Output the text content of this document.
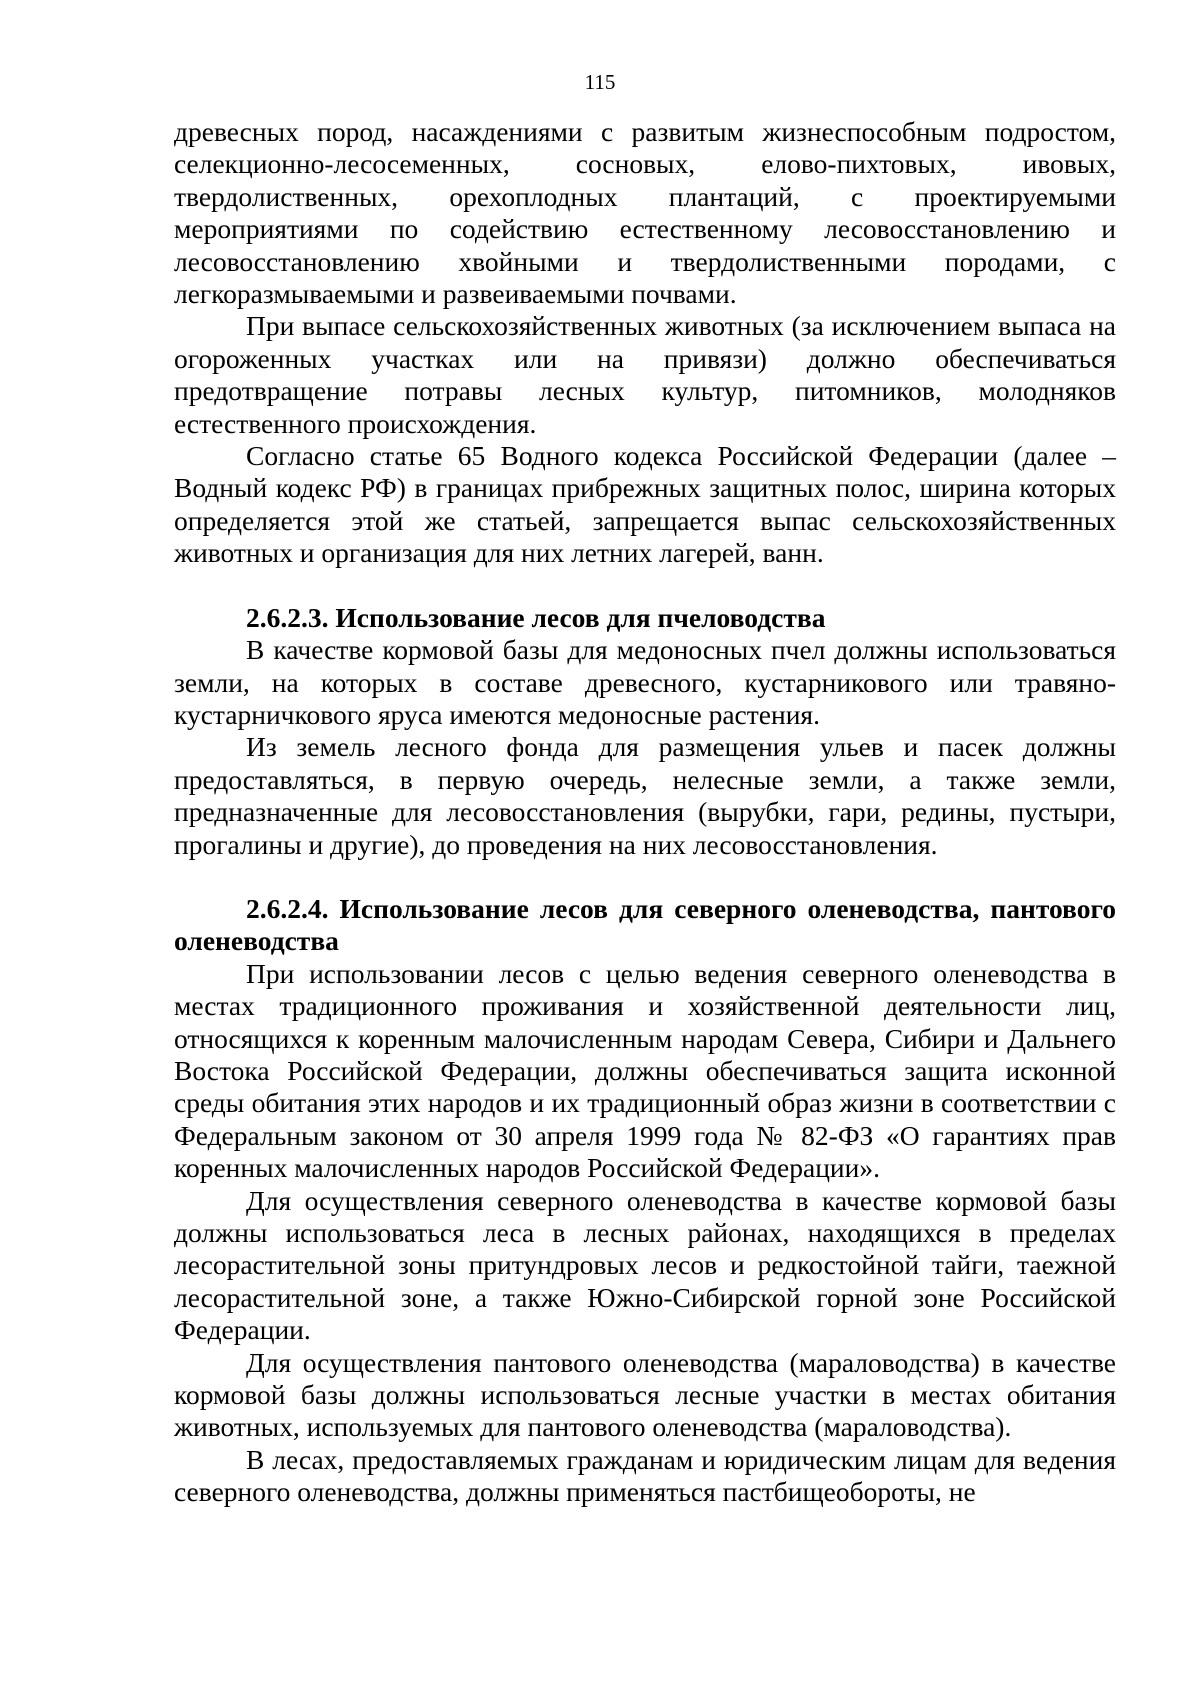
115

древесных пород, насаждениями с развитым жизнеспособным подростом, селекционно-лесосеменных, сосновых, елово-пихтовых, ивовых, твердолиственных, орехоплодных плантаций, с проектируемыми мероприятиями по содействию естественному лесовосстановлению и лесовосстановлению хвойными и твердолиственными породами, с легкоразмываемыми и развеиваемыми почвами.

При выпасе сельскохозяйственных животных (за исключением выпаса на огороженных участках или на привязи) должно обеспечиваться предотвращение потравы лесных культур, питомников, молодняков естественного происхождения.

Согласно статье 65 Водного кодекса Российской Федерации (далее – Водный кодекс РФ) в границах прибрежных защитных полос, ширина которых определяется этой же статьей, запрещается выпас сельскохозяйственных животных и организация для них летних лагерей, ванн.

2.6.2.3. Использование лесов для пчеловодства

В качестве кормовой базы для медоносных пчел должны использоваться земли, на которых в составе древесного, кустарникового или травяно-кустарничкового яруса имеются медоносные растения.

Из земель лесного фонда для размещения ульев и пасек должны предоставляться, в первую очередь, нелесные земли, а также земли, предназначенные для лесовосстановления (вырубки, гари, редины, пустыри, прогалины и другие), до проведения на них лесовосстановления.

2.6.2.4. Использование лесов для северного оленеводства, пантового оленеводства

При использовании лесов с целью ведения северного оленеводства в местах традиционного проживания и хозяйственной деятельности лиц, относящихся к коренным малочисленным народам Севера, Сибири и Дальнего Востока Российской Федерации, должны обеспечиваться защита исконной среды обитания этих народов и их традиционный образ жизни в соответствии с Федеральным законом от 30 апреля 1999 года № 82-ФЗ «О гарантиях прав коренных малочисленных народов Российской Федерации».

Для осуществления северного оленеводства в качестве кормовой базы должны использоваться леса в лесных районах, находящихся в пределах лесорастительной зоны притундровых лесов и редкостойной тайги, таежной лесорастительной зоне, а также Южно-Сибирской горной зоне Российской Федерации.

Для осуществления пантового оленеводства (мараловодства) в качестве кормовой базы должны использоваться лесные участки в местах обитания животных, используемых для пантового оленеводства (мараловодства).

В лесах, предоставляемых гражданам и юридическим лицам для ведения северного оленеводства, должны применяться пастбищеобороты, не
